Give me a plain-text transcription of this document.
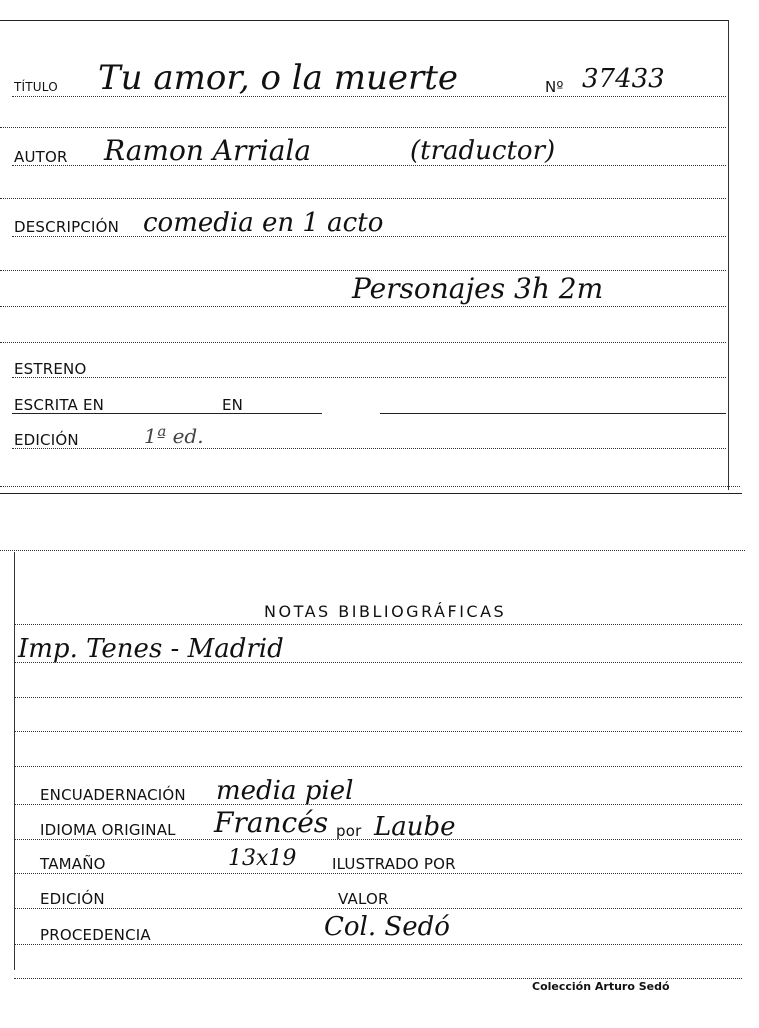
TÍTULO Tu amor, o la muerte	Nº 37433
AUTOR Ramon Arriala	(traductor)
DESCRIPCIÓN comedia en 1 acto
Personajes 3h 2m
ESTRENO
ESCRITA EN	EN
EDICIÓN	1ª ed.
NOTAS BIBLIOGRÁFICAS
Imp. Tenes - Madrid
ENCUADERNACIÓN media piel
IDIOMA ORIGINAL Francés por Laube
TAMAÑO	13x19 ILUSTRADO POR
EDICIÓN	VALOR
PROCEDENCIA	Col. Sedó
Colección Arturo Sedó
